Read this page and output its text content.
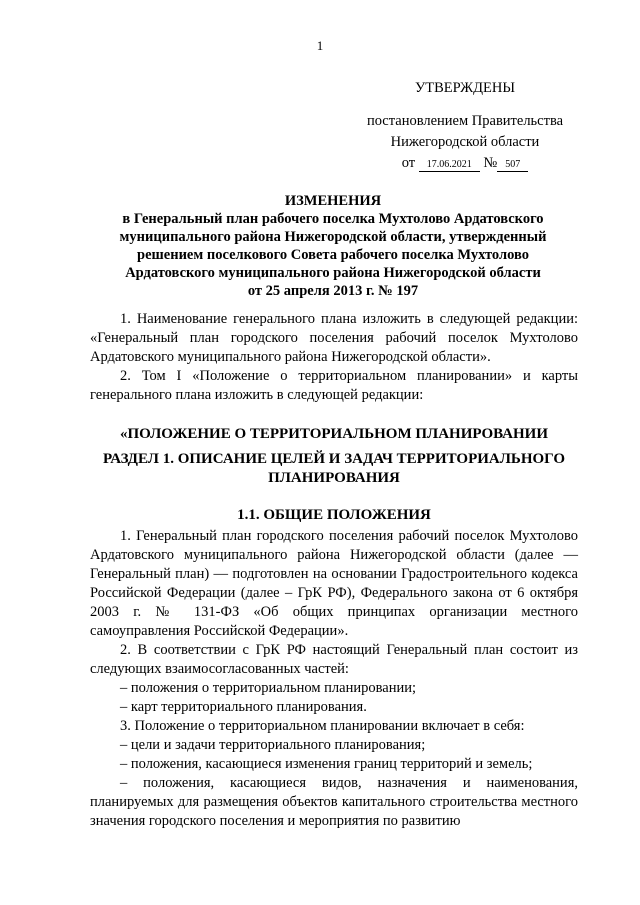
1
УТВЕРЖДЕНЫ
постановлением Правительства
Нижегородской области
от 17.06.2021 № 507
ИЗМЕНЕНИЯ
в Генеральный план рабочего поселка Мухтолово Ардатовского
муниципального района Нижегородской области, утвержденный
решением поселкового Совета рабочего поселка Мухтолово
Ардатовского муниципального района Нижегородской области
от 25 апреля 2013 г. № 197

1. Наименование генерального плана изложить в следующей редакции: «Генеральный план городского поселения рабочий поселок Мухтолово Ардатовского муниципального района Нижегородской области».

2. Том I «Положение о территориальном планировании» и карты генерального плана изложить в следующей редакции:

«ПОЛОЖЕНИЕ О ТЕРРИТОРИАЛЬНОМ ПЛАНИРОВАНИИ

РАЗДЕЛ 1. ОПИСАНИЕ ЦЕЛЕЙ И ЗАДАЧ ТЕРРИТОРИАЛЬНОГО

ПЛАНИРОВАНИЯ

1.1. ОБЩИЕ ПОЛОЖЕНИЯ

1. Генеральный план городского поселения рабочий поселок Мухтолово Ардатовского муниципального района Нижегородской области (далее — Генеральный план) — подготовлен на основании Градостроительного кодекса Российской Федерации (далее – ГрК РФ), Федерального закона от 6 октября 2003 г. № 131-ФЗ «Об общих принципах организации местного самоуправления Российской Федерации».

2. В соответствии с ГрК РФ настоящий Генеральный план состоит из следующих взаимосогласованных частей:

– положения о территориальном планировании;

– карт территориального планирования.

3. Положение о территориальном планировании включает в себя:

– цели и задачи территориального планирования;

– положения, касающиеся изменения границ территорий и земель;

– положения, касающиеся видов, назначения и наименования, планируемых для размещения объектов капитального строительства местного значения городского поселения и мероприятия по развитию
